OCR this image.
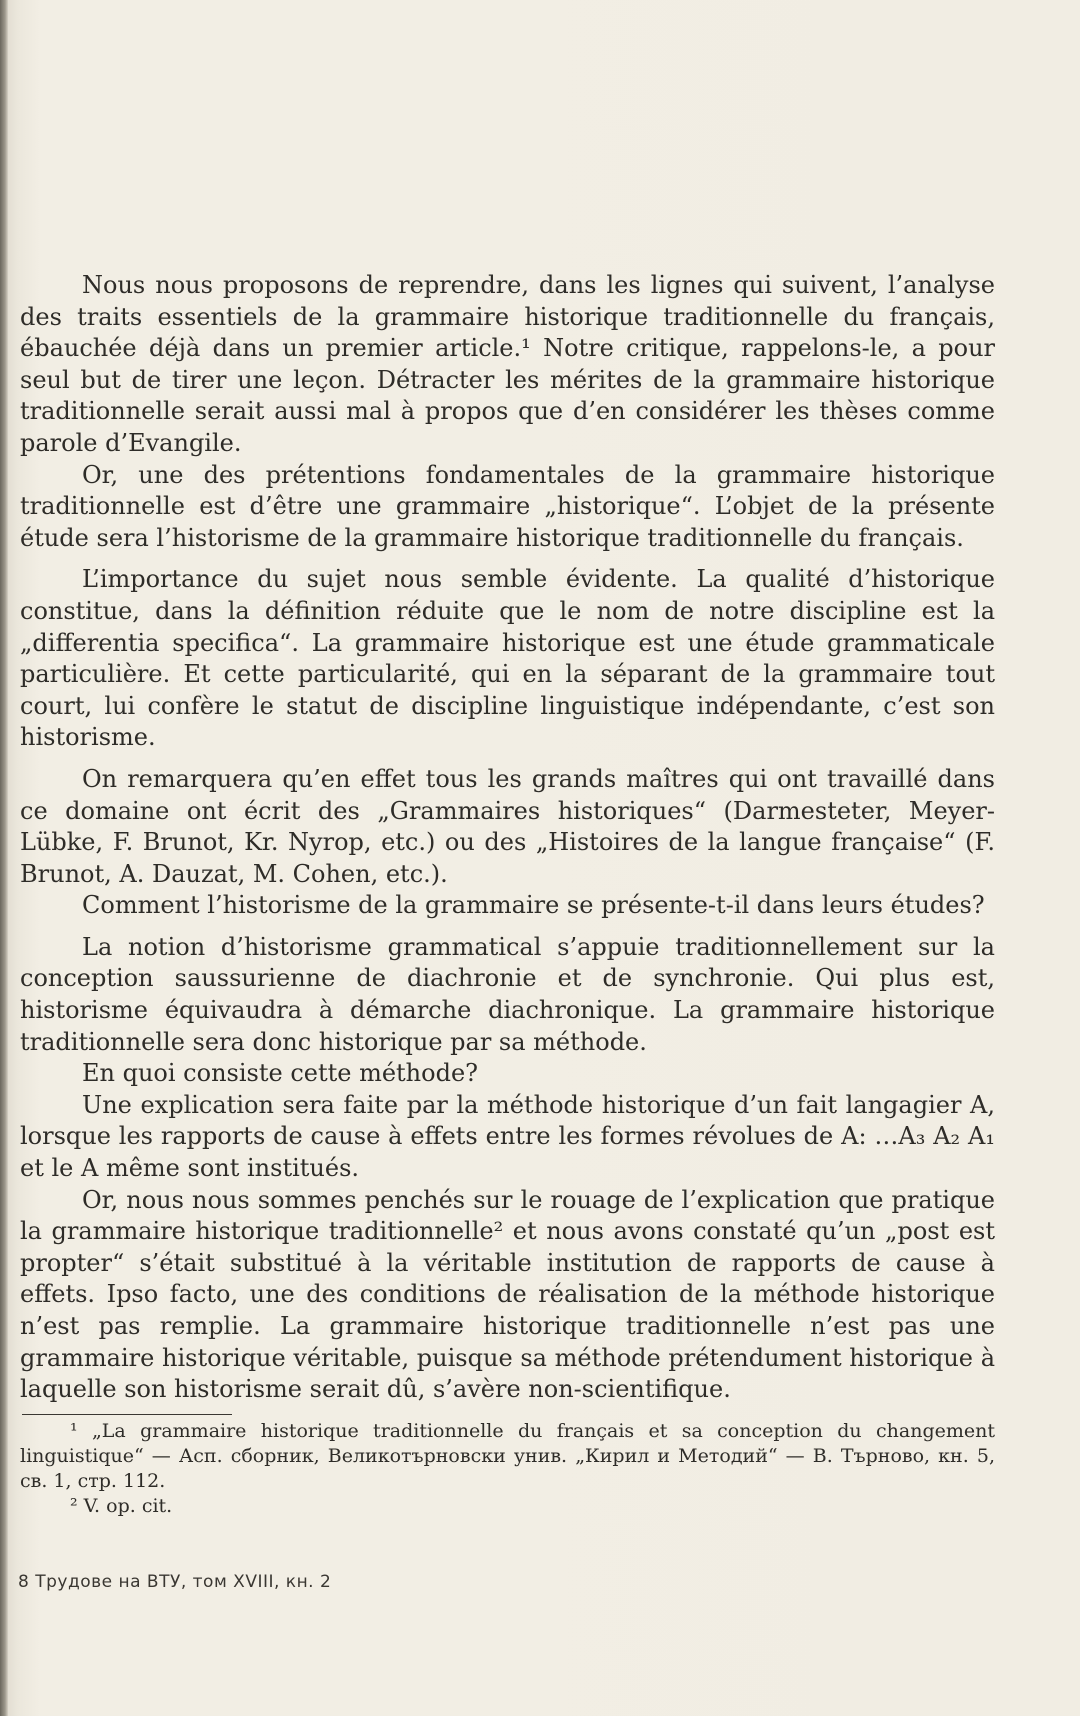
Nous nous proposons de reprendre, dans les lignes qui suivent, l’analyse des traits essentiels de la grammaire historique traditionnelle du français, ébauchée déjà dans un premier article.¹ Notre critique, rappelons-le, a pour seul but de tirer une leçon. Détracter les mérites de la grammaire historique traditionnelle serait aussi mal à propos que d’en considérer les thèses comme parole d’Evangile.

Or, une des prétentions fondamentales de la grammaire historique traditionnelle est d’être une grammaire „historique“. L’objet de la présente étude sera l’historisme de la grammaire historique traditionnelle du français.

L’importance du sujet nous semble évidente. La qualité d’historique constitue, dans la définition réduite que le nom de notre discipline est la „differentia specifica“. La grammaire historique est une étude grammaticale particulière. Et cette particularité, qui en la séparant de la grammaire tout court, lui confère le statut de discipline linguistique indépendante, c’est son historisme.

On remarquera qu’en effet tous les grands maîtres qui ont travaillé dans ce domaine ont écrit des „Grammaires historiques“ (Darmesteter, Meyer-Lübke, F. Brunot, Kr. Nyrop, etc.) ou des „Histoires de la langue française“ (F. Brunot, A. Dauzat, M. Cohen, etc.).

Comment l’historisme de la grammaire se présente-t-il dans leurs études?

La notion d’historisme grammatical s’appuie traditionnellement sur la conception saussurienne de diachronie et de synchronie. Qui plus est, historisme équivaudra à démarche diachronique. La grammaire historique traditionnelle sera donc historique par sa méthode.

En quoi consiste cette méthode?

Une explication sera faite par la méthode historique d’un fait langagier A, lorsque les rapports de cause à effets entre les formes révolues de A: …A₃ A₂ A₁ et le A même sont institués.

Or, nous nous sommes penchés sur le rouage de l’explication que pratique la grammaire historique traditionnelle² et nous avons constaté qu’un „post est propter“ s’était substitué à la véritable institution de rapports de cause à effets. Ipso facto, une des conditions de réalisation de la méthode historique n’est pas remplie. La grammaire historique traditionnelle n’est pas une grammaire historique véritable, puisque sa méthode prétendument historique à laquelle son historisme serait dû, s’avère non-scientifique.

¹ „La grammaire historique traditionnelle du français et sa conception du changement linguistique“ — Асп. сборник, Великотърновски унив. „Кирил и Методий“ — В. Търново, кн. 5, св. 1, стр. 112.

² V. op. cit.

8 Трудове на ВТУ, том XVIII, кн. 2
